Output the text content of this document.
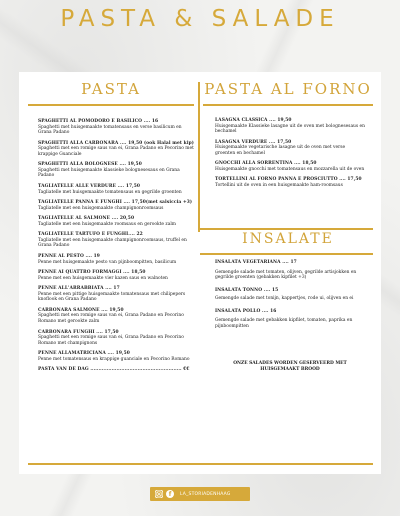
PASTA & SALADE
PASTA	PASTA AL FORNO
SPAGHETTI AL POMODORO E BASILICO .... 16
Spaghetti met huisgemaakte tomatensaus en verse basilicum en Grana Padano
SPAGHETTI ALLA CARBONARA .... 19,50 (ook Halal met kip)
Spaghetti met een romige saus van ei, Grana Padano en Pecorino met krappige Guanciale
SPAGHETTI ALLA BOLOGNESE .... 19,50
Spaghetti met huisgemaakte klassieke bolognesesaus en Grana Padano
TAGLIATELLE ALLE VERDURE .... 17,50
Tagliatelle met huisgemaakte tomatensaus en gegrilde groenten
TAGLIATELLE PANNA E FUNGHI .... 17,50(met salsiccia +3)
Tagliatelle met een huisgemaakte champignonroomsaus
TAGLIATELLE AL SALMONE .... 20,50
Tagliatelle met een huisgemaakte roomsaus en gerookte zalm
TAGLIATELLE TARTUFO E FUNGHI.... 22
Tagliatelle met een huisgemaakte champignonroomsaus, truffel en Grana Padano
PENNE AL PESTO .... 19
Penne met huisgemaakte pesto van pijnboompitten, basilicum
PENNE AI QUATTRO FORMAGGI .... 18,50
Penne met een huisgemaakte vier kazen saus en walnoten
PENNE ALL'ARRABBIATA .... 17
Penne met een pittige huisgemaakte tomatensaus met chilipepers knoflook en Grana Padano
CARBONARA SALMONE .... 19,50
Spaghetti met een romige saus van ei, Grana Padano en Pecorino Romano met gerookte zalm
CARBONARA FUNGHI .... 17,50
Spaghetti met een romige saus van ei, Grana Padano en Pecorino Romano met champignons
PENNE ALLAMATRICIANA .... 19,50
Penne met tomatensaus en krappige guanciale en Pecorino Romano
PASTA VAN DE DAG ........................................................ €€
LASAGNA CLASSICA .... 19,50
Huisgemaakte Klassieke lasagne uit de oven met bolognesesaus en bechamel
LASAGNA VERDURE .... 17,50
Huisgemaakte vegetarische lasagne uit de oven met verse groenten en bechamel
GNOCCHI ALLA SORRENTINA .... 18,50
Huisgemaakte gnocchi met tomatensaus en mozzarella uit de oven
TORTELLINI AL FORNO PANNA E PROSCIUTTO .... 17,50
Tortellini uit de oven in een huisgemaakte ham-roomsaus
INSALATE
INSALATA VEGETARIANA .... 17
Gemengde salade met tomaten, olijven, gegrilde artisjokken en gegrilde groenten (gebakken kipfilet +3)
INSALATA TONNO .... 15
Gemengde salade met tonijn, kappertjes, rode ui, olijven en ei
INSALATA POLLO .... 16
Gemengde salade met gebakken kipfilet, tomaten, paprika en pijnboompitten
ONZE SALADES WORDEN GESERVEERD MET HUISGEMAAKT BROOD
f	LA_STORIADENHAAG
